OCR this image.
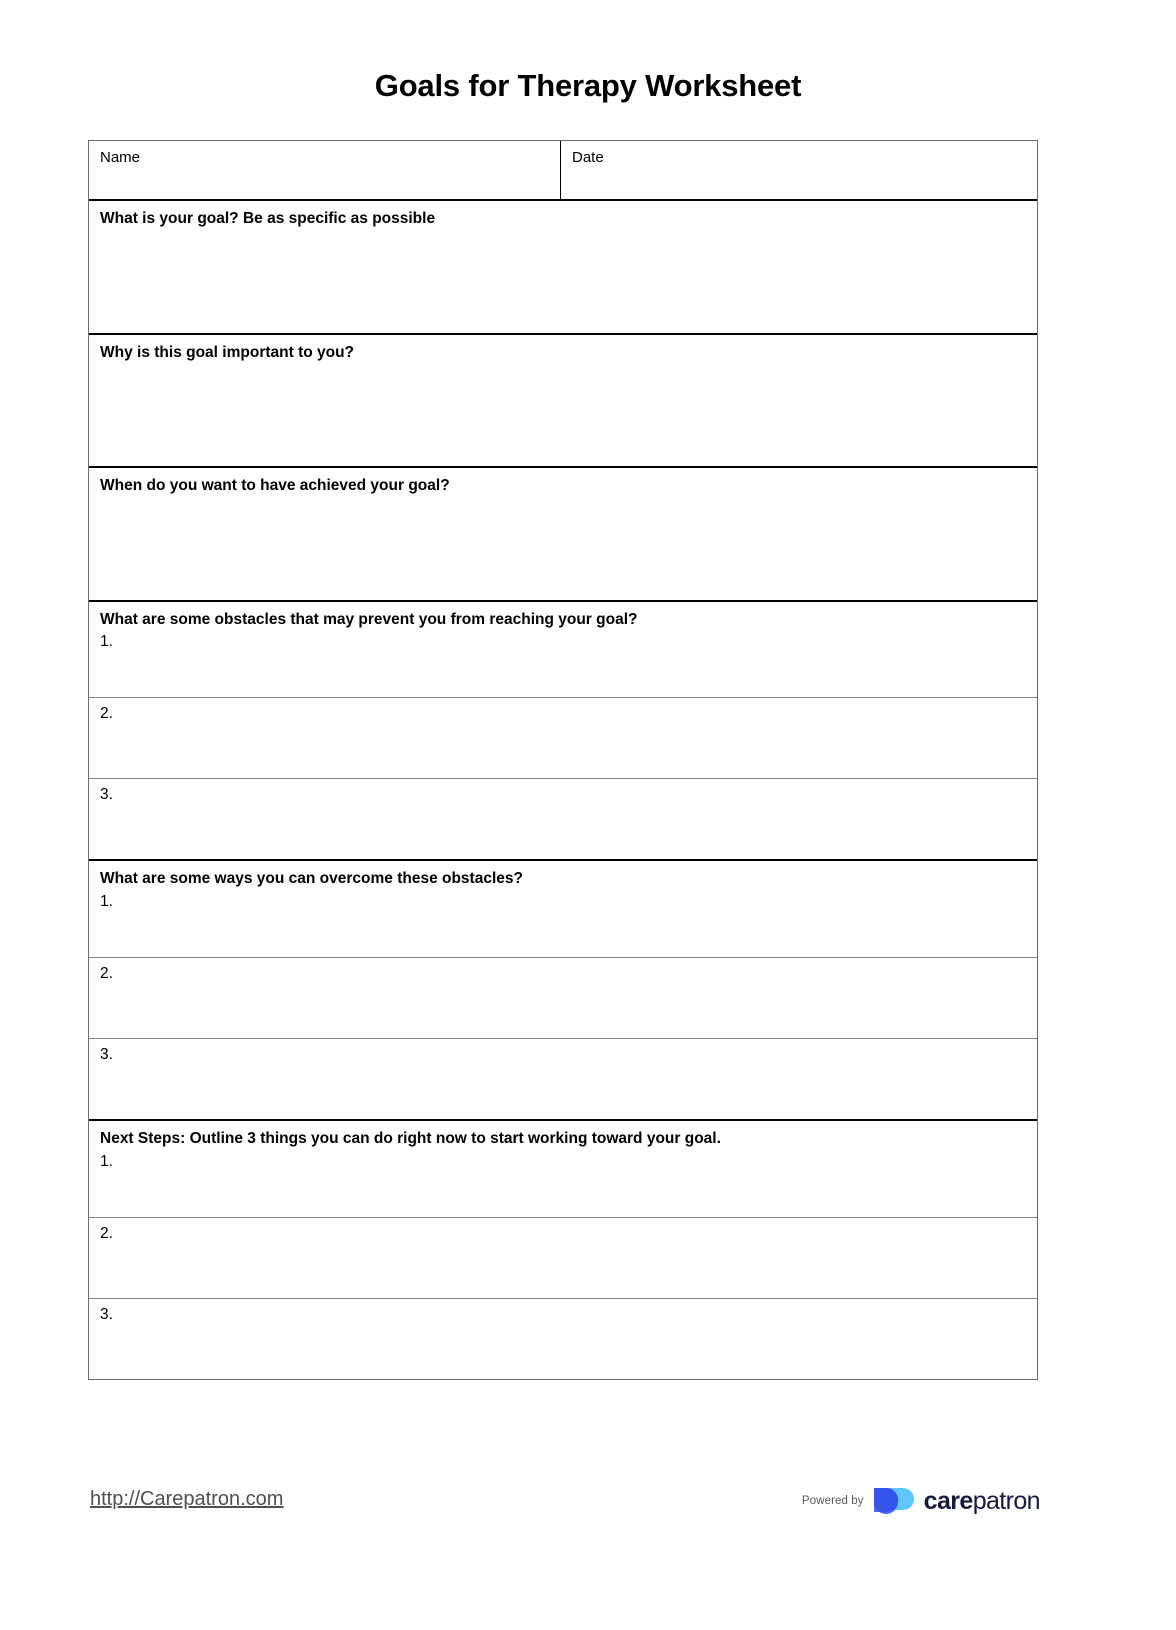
Goals for Therapy Worksheet
Name	Date
What is your goal? Be as specific as possible
Why is this goal important to you?
When do you want to have achieved your goal?
What are some obstacles that may prevent you from reaching your goal?
1.
2.
3.
What are some ways you can overcome these obstacles?
1.
2.
3.
Next Steps: Outline 3 things you can do right now to start working toward your goal.
1.
2.
3.
http://Carepatron.com	Powered by carepatron
